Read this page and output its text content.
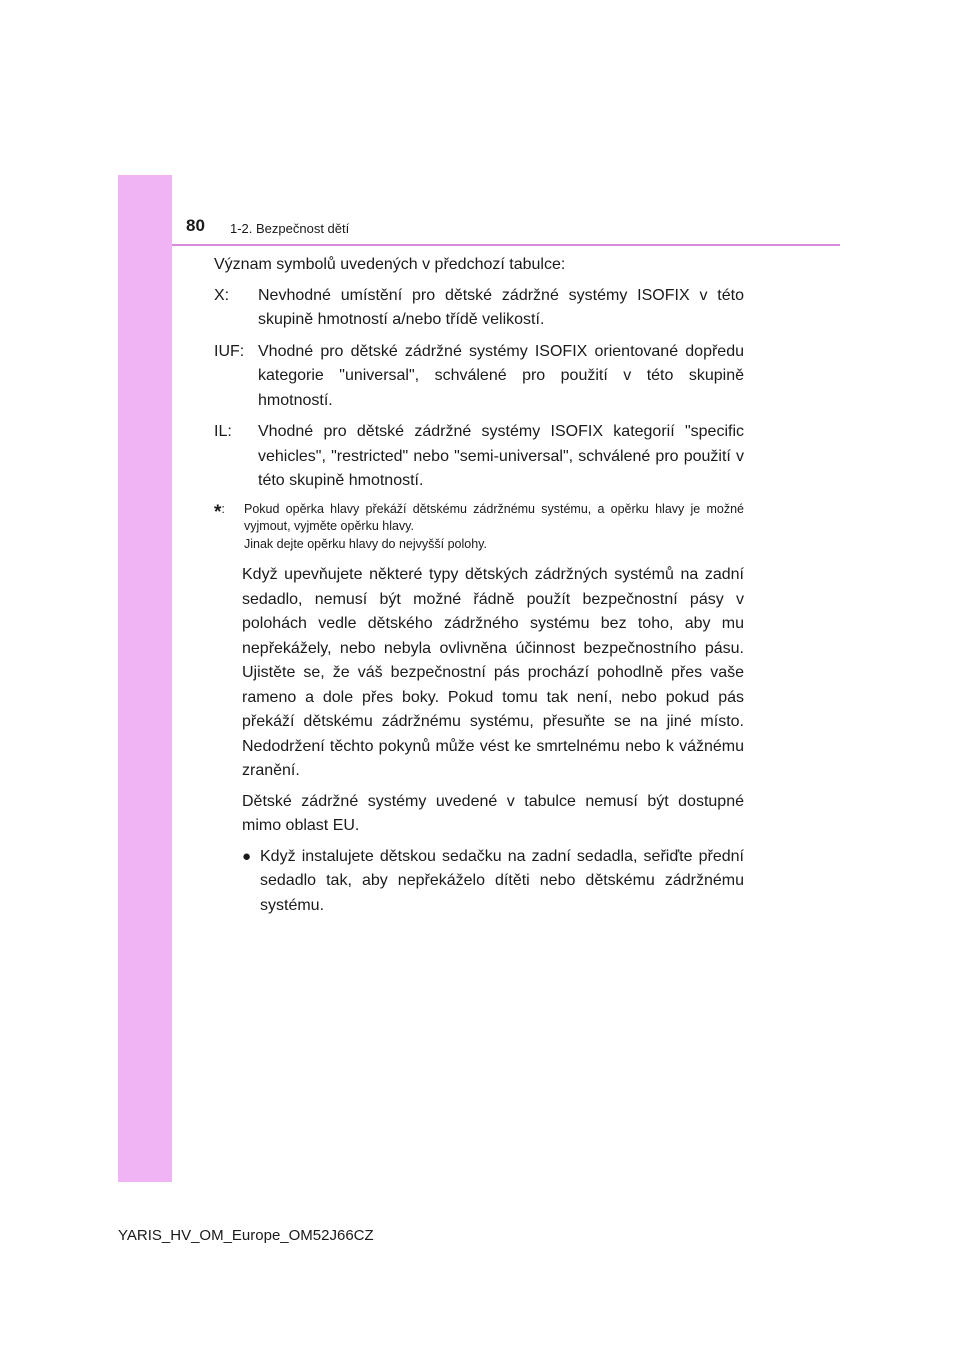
80 1-2. Bezpečnost dětí

Význam symbolů uvedených v předchozí tabulce:

X:	Nevhodné umístění pro dětské zádržné systémy ISOFIX v této skupině hmotností a/nebo třídě velikostí.
IUF: Vhodné pro dětské zádržné systémy ISOFIX orientované dopředu kategorie "universal", schválené pro použití v této skupině hmotností.
IL:	Vhodné pro dětské zádržné systémy ISOFIX kategorií "specific vehicles", "restricted" nebo "semi-universal", schválené pro použití v této skupině hmotností.
*:	Pokud opěrka hlavy překáží dětskému zádržnému systému, a opěrku hlavy je možné vyjmout, vyjměte opěrku hlavy.

Jinak dejte opěrku hlavy do nejvyšší polohy.

Když upevňujete některé typy dětských zádržných systémů na zadní sedadlo, nemusí být možné řádně použít bezpečnostní pásy v polohách vedle dětského zádržného systému bez toho, aby mu nepřekážely, nebo nebyla ovlivněna účinnost bezpečnostního pásu. Ujistěte se, že váš bezpečnostní pás prochází pohodlně přes vaše rameno a dole přes boky. Pokud tomu tak není, nebo pokud pás překáží dětskému zádržnému systému, přesuňte se na jiné místo. Nedodržení těchto pokynů může vést ke smrtelnému nebo k vážnému zranění.

Dětské zádržné systémy uvedené v tabulce nemusí být dostupné mimo oblast EU.

● Když instalujete dětskou sedačku na zadní sedadla, seřiďte přední sedadlo tak, aby nepřekáželo dítěti nebo dětskému zádržnému systému.
YARIS_HV_OM_Europe_OM52J66CZ
